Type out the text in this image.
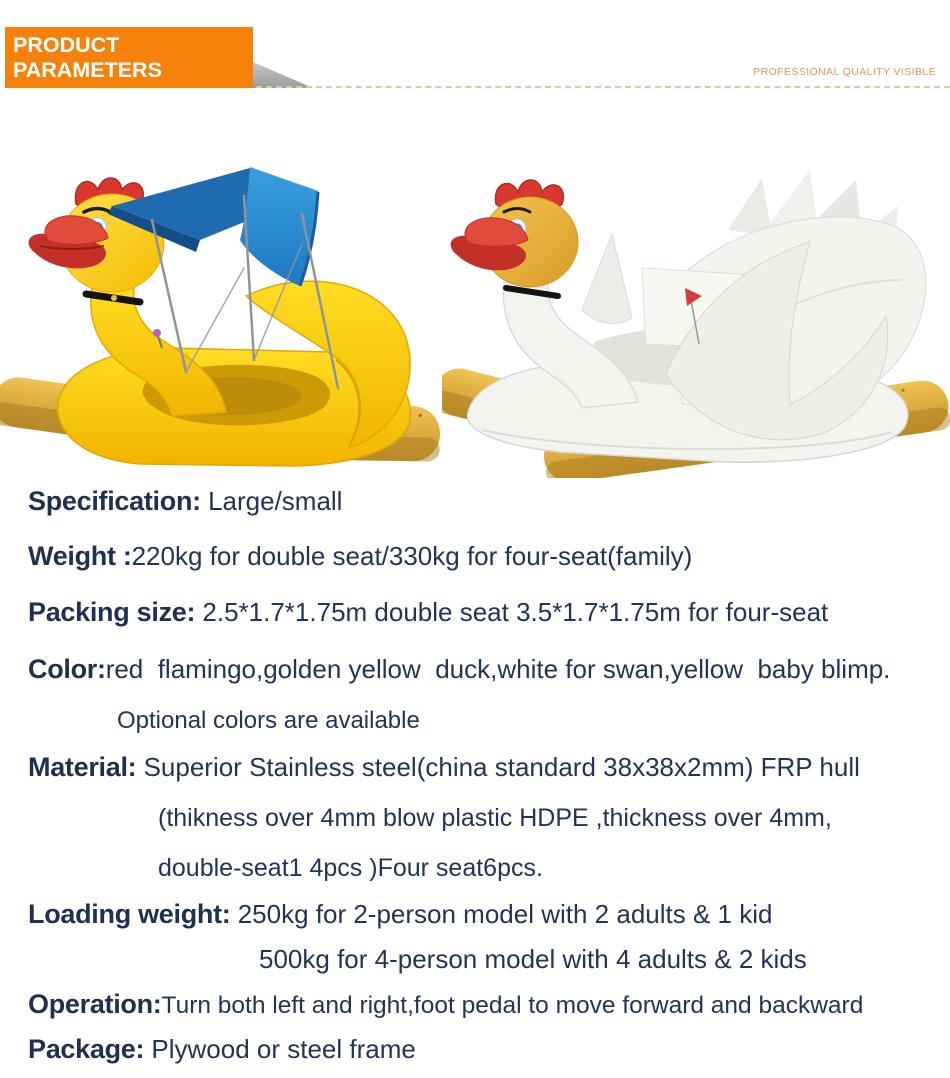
PRODUCT PARAMETERS	PROFESSIONAL QUALITY VISIBLE
Specification: Large/small
Weight :220kg for double seat/330kg for four-seat(family)
Packing size: 2.5*1.7*1.75m double seat 3.5*1.7*1.75m for four-seat
Color:red  flamingo,golden yellow  duck,white for swan,yellow  baby blimp.
Optional colors are available
Material: Superior Stainless steel(china standard 38x38x2mm) FRP hull
(thikness over 4mm blow plastic HDPE ,thickness over 4mm,
double-seat1 4pcs )Four seat6pcs.
Loading weight: 250kg for 2-person model with 2 adults & 1 kid
500kg for 4-person model with 4 adults & 2 kids
Operation:Turn both left and right,foot pedal to move forward and backward
Package: Plywood or steel frame
